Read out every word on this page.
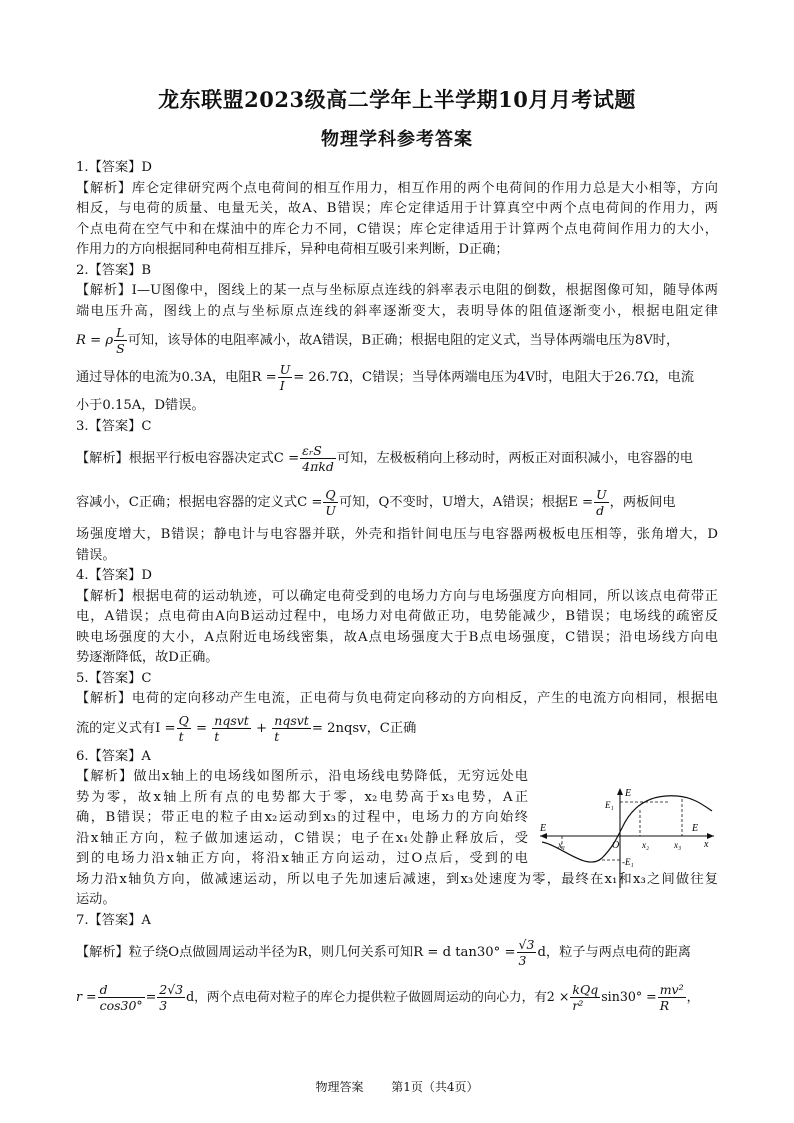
龙东联盟2023级高二学年上半学期10月月考试题
物理学科参考答案
1.【答案】D
【解析】库仑定律研究两个点电荷间的相互作用力，相互作用的两个电荷间的作用力总是大小相等，方向
相反，与电荷的质量、电量无关，故A、B错误；库仑定律适用于计算真空中两个点电荷间的作用力，两
个点电荷在空气中和在煤油中的库仑力不同，C错误；库仑定律适用于计算两个点电荷间作用力的大小，
作用力的方向根据同种电荷相互排斥，异种电荷相互吸引来判断，D正确；
2.【答案】B
【解析】I—U图像中，图线上的某一点与坐标原点连线的斜率表示电阻的倒数，根据图像可知，随导体两
端电压升高，图线上的点与坐标原点连线的斜率逐渐变大，表明导体的阻值逐渐变小，根据电阻定律
R = ρ $\frac{L}{S}$ 可知，该导体的电阻率减小，故A错误，B正确；根据电阻的定义式，当导体两端电压为8V时，
通过导体的电流为0.3A，电阻$R = \frac{U}{I} = 26.7\Omega$，C错误；当导体两端电压为4V时，电阻大于26.7Ω，电流
小于0.15A，D错误。
3.【答案】C
【解析】根据平行板电容器决定式C =
εᵣS
4πkd
可知，左极板稍向上移动时，两板正对面积减小，电容器的电
容减小，C正确；根据电容器的定义式$C = \frac{Q}{U}$ 可知，Q不变时，U增大，A错误；根据$E = \frac{U}{d}$ ，两板间电
场强度增大，B错误；静电计与电容器并联，外壳和指针间电压与电容器两极板电压相等，张角增大，D
错误。
4.【答案】D
【解析】根据电荷的运动轨迹，可以确定电荷受到的电场力方向与电场强度方向相同，所以该点电荷带正
电，A错误；点电荷由A向B运动过程中，电场力对电荷做正功，电势能减少，B错误；电场线的疏密反
映电场强度的大小，A点附近电场线密集，故A点电场强度大于B点电场强度，C错误；沿电场线方向电
势逐渐降低，故D正确。
5.【答案】C
【解析】电荷的定向移动产生电流，正电荷与负电荷定向移动的方向相反，产生的电流方向相同，根据电
流的定义式有$I = \frac{Q}{t}$ =
nqsvt
t
+
nqsvt
t
= 2nqsv，C正确
6.【答案】A
【解析】做出x轴上的电场线如图所示，沿电场线电势降低，无穷远处电
势为零，故x轴上所有点的电势都大于零，x₂电势高于x₃电势，A正
确，B错误；带正电的粒子由x₂运动到x₃的过程中，电场力的方向始终
沿x轴正方向，粒子做加速运动，C错误；电子在x₁处静止释放后，受
到的电场力沿x轴正方向，将沿x轴正方向运动，过O点后，受到的电
场力沿x轴负方向，做减速运动，所以电子先加速后减速，到x₃处速度为零，最终在x₁和x₃之间做往复
运动。
7.【答案】A
【解析】粒子绕O点做圆周运动半径为R，则几何关系可知R = d $\tan 30^\circ = \frac{√3}{3}$ d，粒子与两点电荷的距离
$r = \frac{d}{\cos 30^\circ} = \frac{2√3}{3}$ d，两个点电荷对粒子的库仑力提供粒子做圆周运动的向心力，有2 × kQq
r²
$\sin 30^\circ = \frac{\text{mv²}}{R}$ ，
E
E₁
-E₁
E	E
x₁	x₂	x₃ x
O
物理答案 第1页（共4页）
